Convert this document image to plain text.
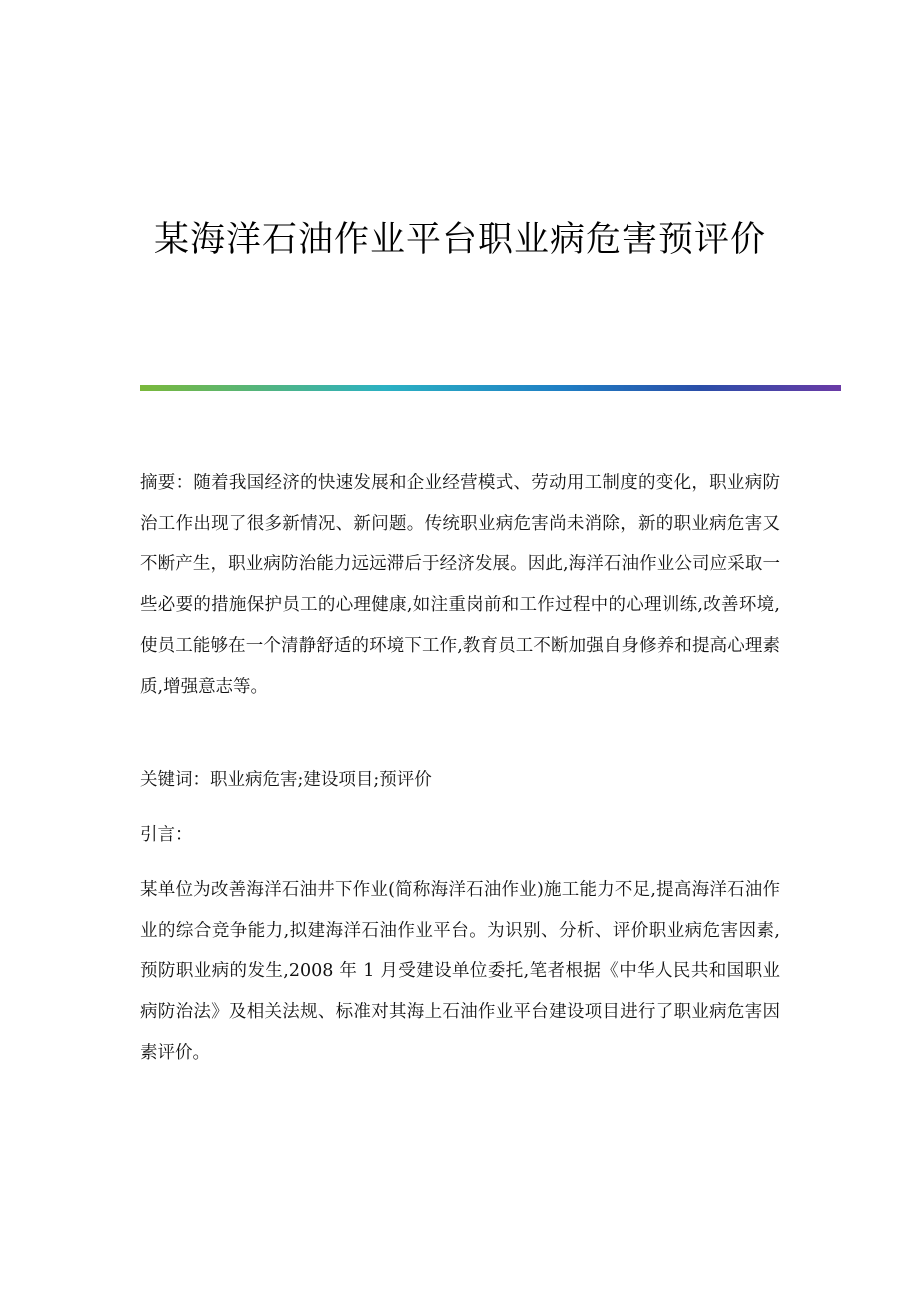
某海洋石油作业平台职业病危害预评价

摘要：随着我国经济的快速发展和企业经营模式、劳动用工制度的变化，职业病防治工作出现了很多新情况、新问题。传统职业病危害尚未消除，新的职业病危害又不断产生，职业病防治能力远远滞后于经济发展。因此,海洋石油作业公司应采取一些必要的措施保护员工的心理健康,如注重岗前和工作过程中的心理训练,改善环境,使员工能够在一个清静舒适的环境下工作,教育员工不断加强自身修养和提高心理素质,增强意志等。

关键词：职业病危害;建设项目;预评价

引言：

某单位为改善海洋石油井下作业(简称海洋石油作业)施工能力不足,提高海洋石油作业的综合竞争能力,拟建海洋石油作业平台。为识别、分析、评价职业病危害因素,预防职业病的发生,2008 年 1 月受建设单位委托,笔者根据《中华人民共和国职业病防治法》及相关法规、标准对其海上石油作业平台建设项目进行了职业病危害因素评价。
